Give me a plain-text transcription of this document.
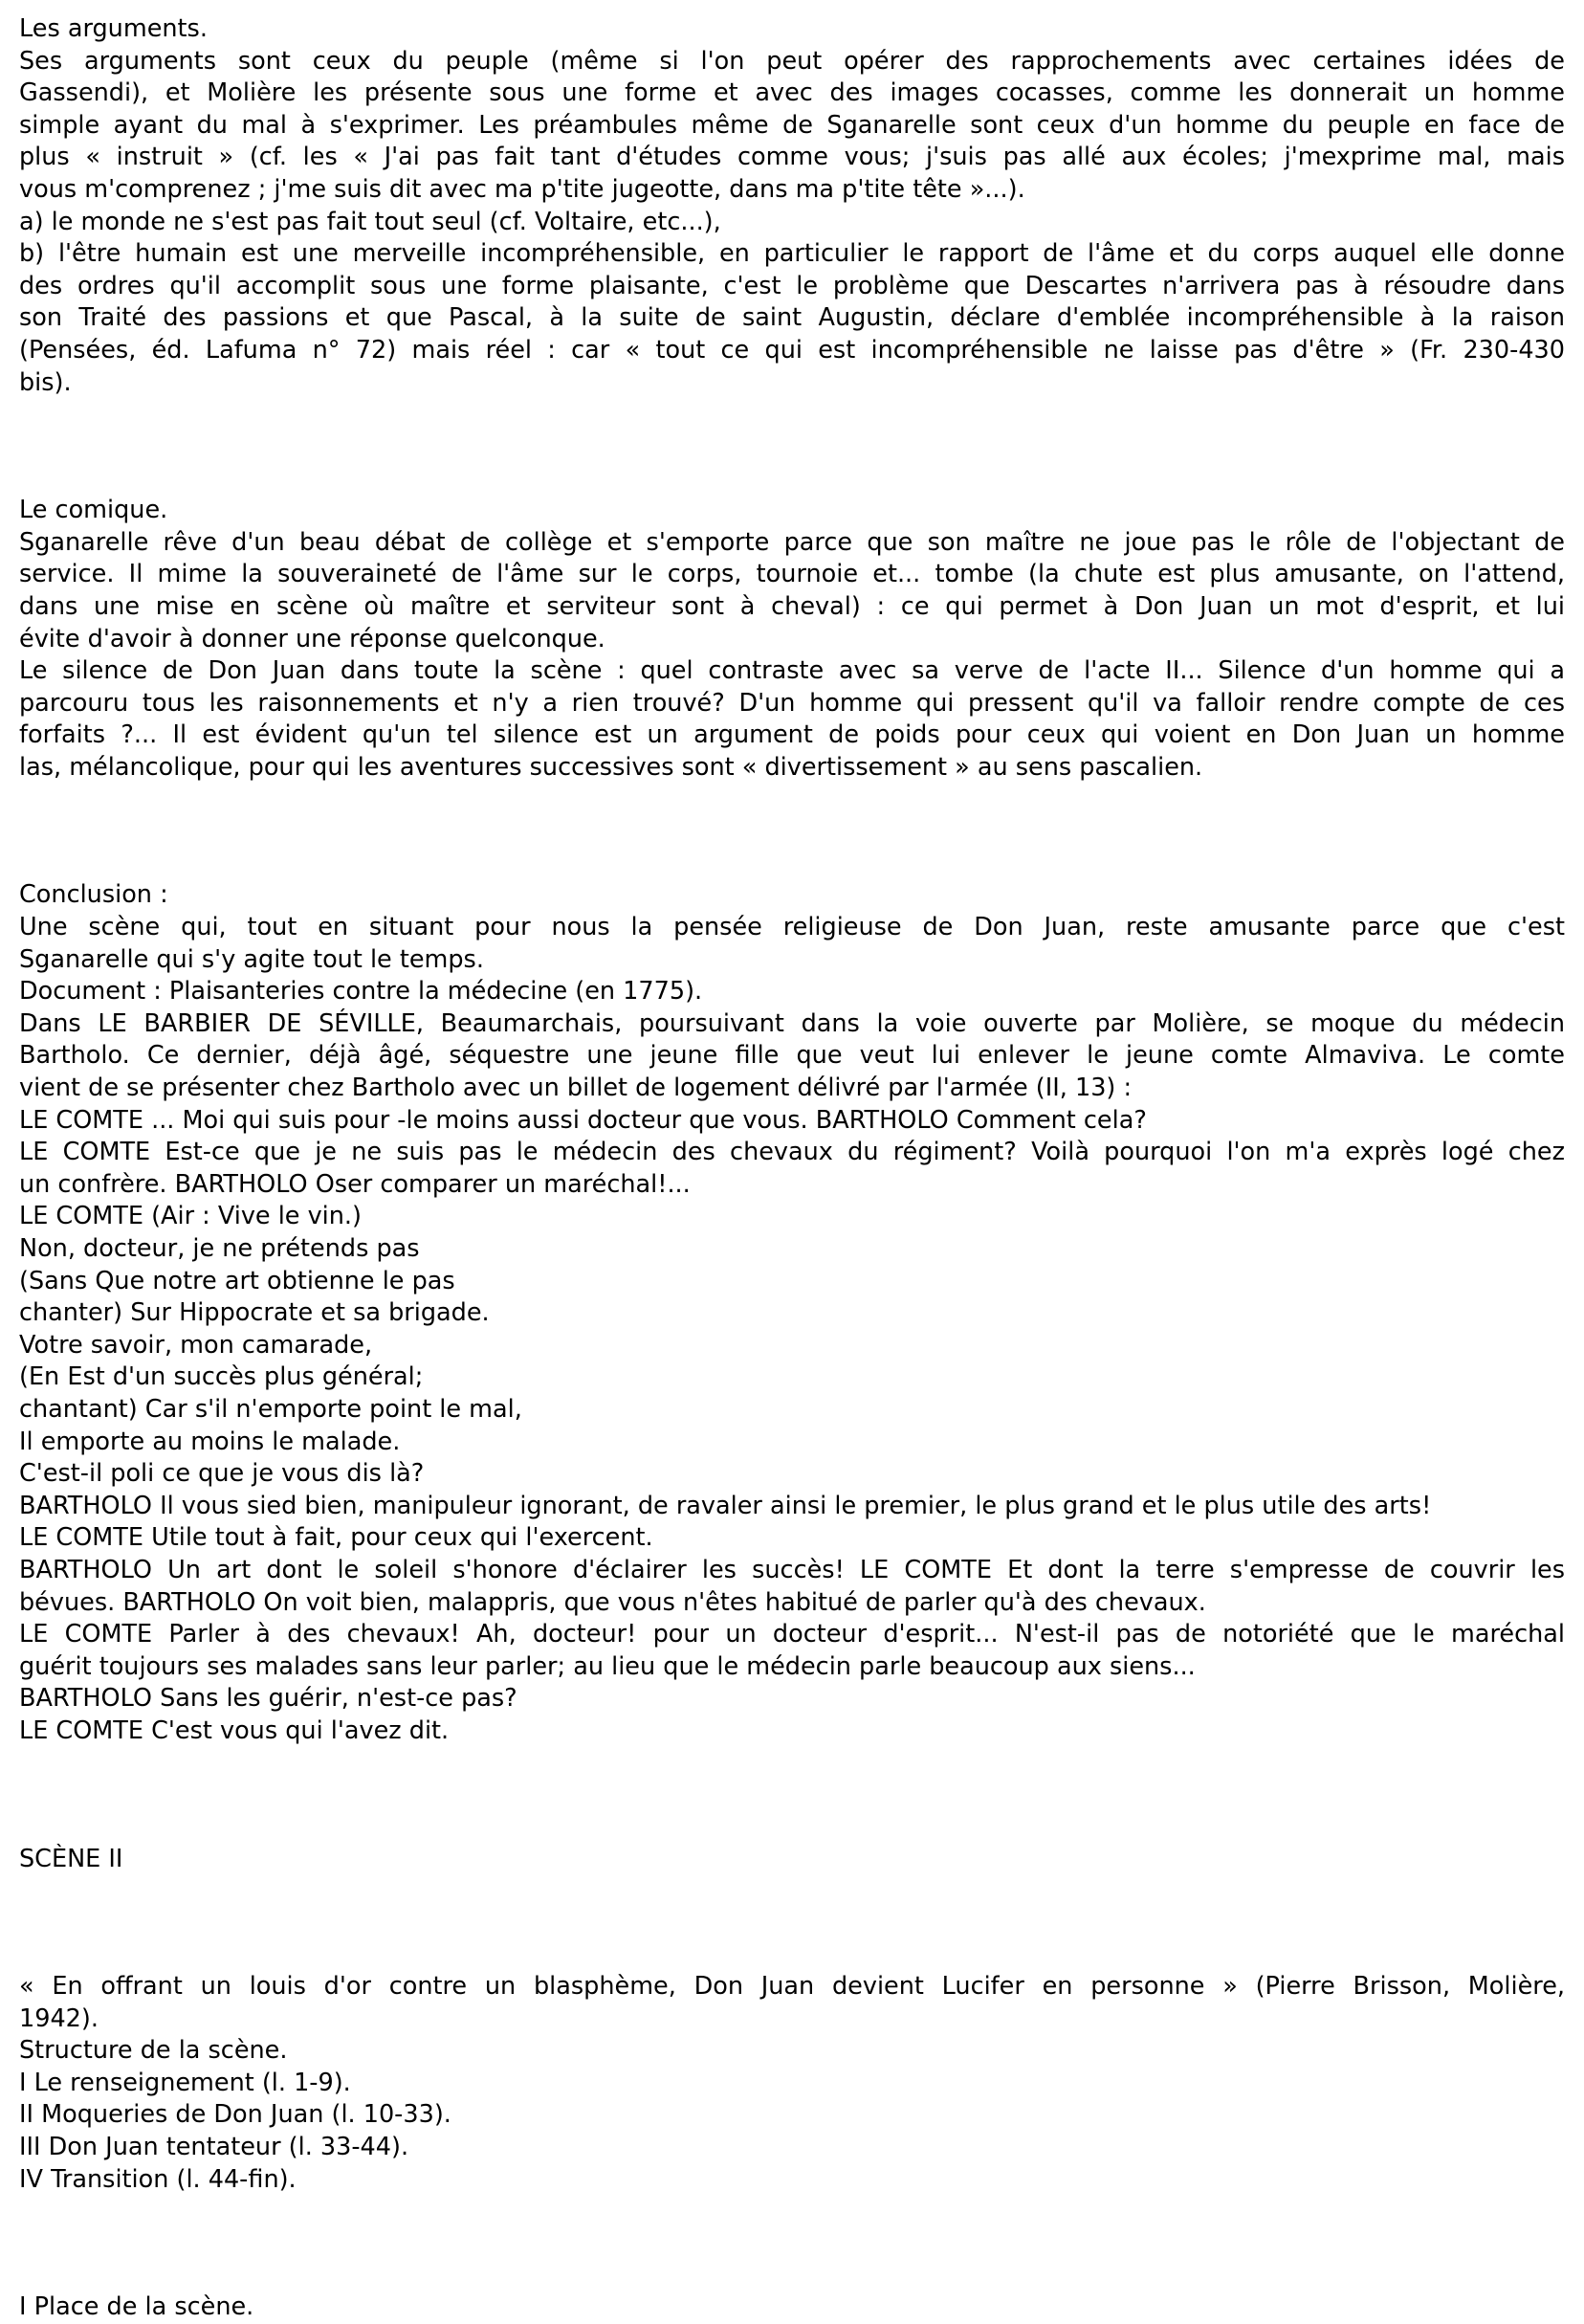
Les arguments.
Ses arguments sont ceux du peuple (même si l'on peut opérer des rapprochements avec certaines idées de
Gassendi), et Molière les présente sous une forme et avec des images cocasses, comme les donnerait un homme
simple ayant du mal à s'exprimer. Les préambules même de Sganarelle sont ceux d'un homme du peuple en face de
plus « instruit » (cf. les « J'ai pas fait tant d'études comme vous; j'suis pas allé aux écoles; j'mexprime mal, mais
vous m'comprenez ; j'me suis dit avec ma p'tite jugeotte, dans ma p'tite tête »...).
a) le monde ne s'est pas fait tout seul (cf. Voltaire, etc...),
b) l'être humain est une merveille incompréhensible, en particulier le rapport de l'âme et du corps auquel elle donne
des ordres qu'il accomplit sous une forme plaisante, c'est le problème que Descartes n'arrivera pas à résoudre dans
son Traité des passions et que Pascal, à la suite de saint Augustin, déclare d'emblée incompréhensible à la raison
(Pensées, éd. Lafuma n° 72) mais réel : car « tout ce qui est incompréhensible ne laisse pas d'être » (Fr. 230-430
bis).
Le comique.
Sganarelle rêve d'un beau débat de collège et s'emporte parce que son maître ne joue pas le rôle de l'objectant de
service. Il mime la souveraineté de l'âme sur le corps, tournoie et... tombe (la chute est plus amusante, on l'attend,
dans une mise en scène où maître et serviteur sont à cheval) : ce qui permet à Don Juan un mot d'esprit, et lui
évite d'avoir à donner une réponse quelconque.
Le silence de Don Juan dans toute la scène : quel contraste avec sa verve de l'acte II... Silence d'un homme qui a
parcouru tous les raisonnements et n'y a rien trouvé? D'un homme qui pressent qu'il va falloir rendre compte de ces
forfaits ?... Il est évident qu'un tel silence est un argument de poids pour ceux qui voient en Don Juan un homme
las, mélancolique, pour qui les aventures successives sont « divertissement » au sens pascalien.
Conclusion :
Une scène qui, tout en situant pour nous la pensée religieuse de Don Juan, reste amusante parce que c'est
Sganarelle qui s'y agite tout le temps.
Document : Plaisanteries contre la médecine (en 1775).
Dans LE BARBIER DE SÉVILLE, Beaumarchais, poursuivant dans la voie ouverte par Molière, se moque du médecin
Bartholo. Ce dernier, déjà âgé, séquestre une jeune fille que veut lui enlever le jeune comte Almaviva. Le comte
vient de se présenter chez Bartholo avec un billet de logement délivré par l'armée (II, 13) :
LE COMTE ... Moi qui suis pour -le moins aussi docteur que vous. BARTHOLO Comment cela?
LE COMTE Est-ce que je ne suis pas le médecin des chevaux du régiment? Voilà pourquoi l'on m'a exprès logé chez
un confrère. BARTHOLO Oser comparer un maréchal!...
LE COMTE (Air : Vive le vin.)
Non, docteur, je ne prétends pas
(Sans Que notre art obtienne le pas
chanter) Sur Hippocrate et sa brigade.
Votre savoir, mon camarade,
(En Est d'un succès plus général;
chantant) Car s'il n'emporte point le mal,
Il emporte au moins le malade.
C'est-il poli ce que je vous dis là?
BARTHOLO Il vous sied bien, manipuleur ignorant, de ravaler ainsi le premier, le plus grand et le plus utile des arts!
LE COMTE Utile tout à fait, pour ceux qui l'exercent.
BARTHOLO Un art dont le soleil s'honore d'éclairer les succès! LE COMTE Et dont la terre s'empresse de couvrir les
bévues. BARTHOLO On voit bien, malappris, que vous n'êtes habitué de parler qu'à des chevaux.
LE COMTE Parler à des chevaux! Ah, docteur! pour un docteur d'esprit... N'est-il pas de notoriété que le maréchal
guérit toujours ses malades sans leur parler; au lieu que le médecin parle beaucoup aux siens...
BARTHOLO Sans les guérir, n'est-ce pas?
LE COMTE C'est vous qui l'avez dit.
SCÈNE II
« En offrant un louis d'or contre un blasphème, Don Juan devient Lucifer en personne » (Pierre Brisson, Molière,
1942).
Structure de la scène.
I Le renseignement (l. 1-9).
II Moqueries de Don Juan (l. 10-33).
III Don Juan tentateur (l. 33-44).
IV Transition (l. 44-fin).
I Place de la scène.
